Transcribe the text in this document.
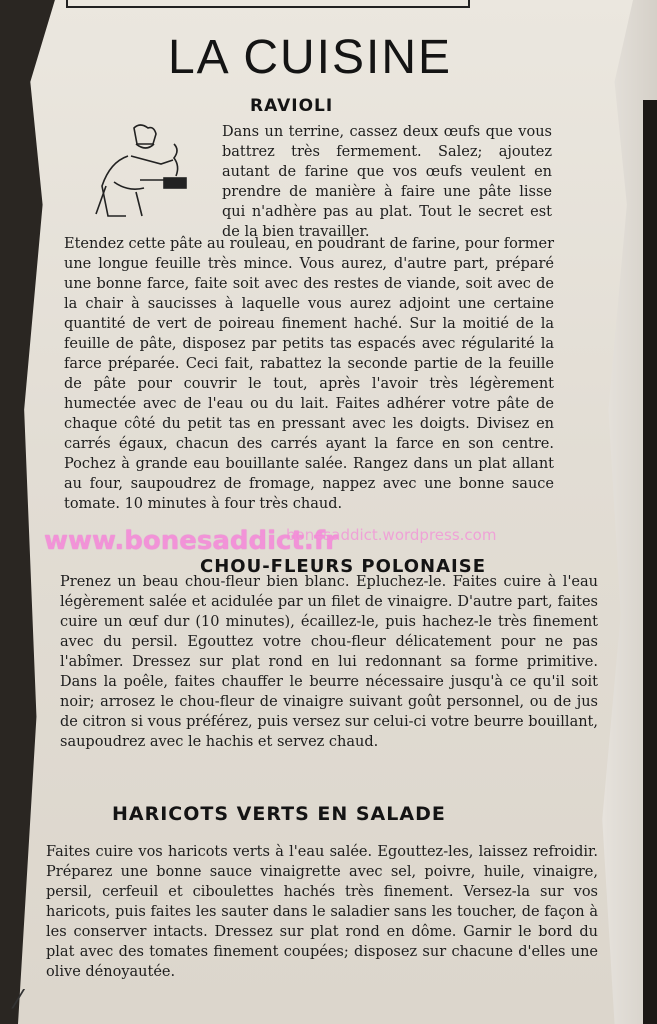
LA CUISINE
RAVIOLI
Dans un terrine, cassez deux œufs que vous battrez très fermement. Salez; ajoutez autant de farine que vos œufs veulent en prendre de manière à faire une pâte lisse qui n'adhère pas au plat. Tout le secret est de la bien travailler.
Etendez cette pâte au rouleau, en poudrant de farine, pour former une longue feuille très mince. Vous aurez, d'autre part, préparé une bonne farce, faite soit avec des restes de viande, soit avec de la chair à saucisses à laquelle vous aurez adjoint une certaine quantité de vert de poireau finement haché. Sur la moitié de la feuille de pâte, disposez par petits tas espacés avec régularité la farce préparée. Ceci fait, rabattez la seconde partie de la feuille de pâte pour couvrir le tout, après l'avoir très légèrement humectée avec de l'eau ou du lait. Faites adhérer votre pâte de chaque côté du petit tas en pressant avec les doigts. Divisez en carrés égaux, chacun des carrés ayant la farce en son centre. Pochez à grande eau bouillante salée. Rangez dans un plat allant au four, saupoudrez de fromage, nappez avec une bonne sauce tomate. 10 minutes à four très chaud.
www.bonesaddict.fr
bonesaddict.wordpress.com
CHOU-FLEURS POLONAISE
Prenez un beau chou-fleur bien blanc. Epluchez-le. Faites cuire à l'eau légèrement salée et acidulée par un filet de vinaigre. D'autre part, faites cuire un œuf dur (10 minutes), écaillez-le, puis hachez-le très finement avec du persil. Egouttez votre chou-fleur délicatement pour ne pas l'abîmer. Dressez sur plat rond en lui redonnant sa forme primitive. Dans la poêle, faites chauffer le beurre nécessaire jusqu'à ce qu'il soit noir; arrosez le chou-fleur de vinaigre suivant goût personnel, ou de jus de citron si vous préférez, puis versez sur celui-ci votre beurre bouillant, saupoudrez avec le hachis et servez chaud.
HARICOTS VERTS EN SALADE
Faites cuire vos haricots verts à l'eau salée. Egouttez-les, laissez refroidir. Préparez une bonne sauce vinaigrette avec sel, poivre, huile, vinaigre, persil, cerfeuil et ciboulettes hachés très finement. Versez-la sur vos haricots, puis faites les sauter dans le saladier sans les toucher, de façon à les conserver intacts. Dressez sur plat rond en dôme. Garnir le bord du plat avec des tomates finement coupées; disposez sur chacune d'elles une olive dénoyautée.
⁄
